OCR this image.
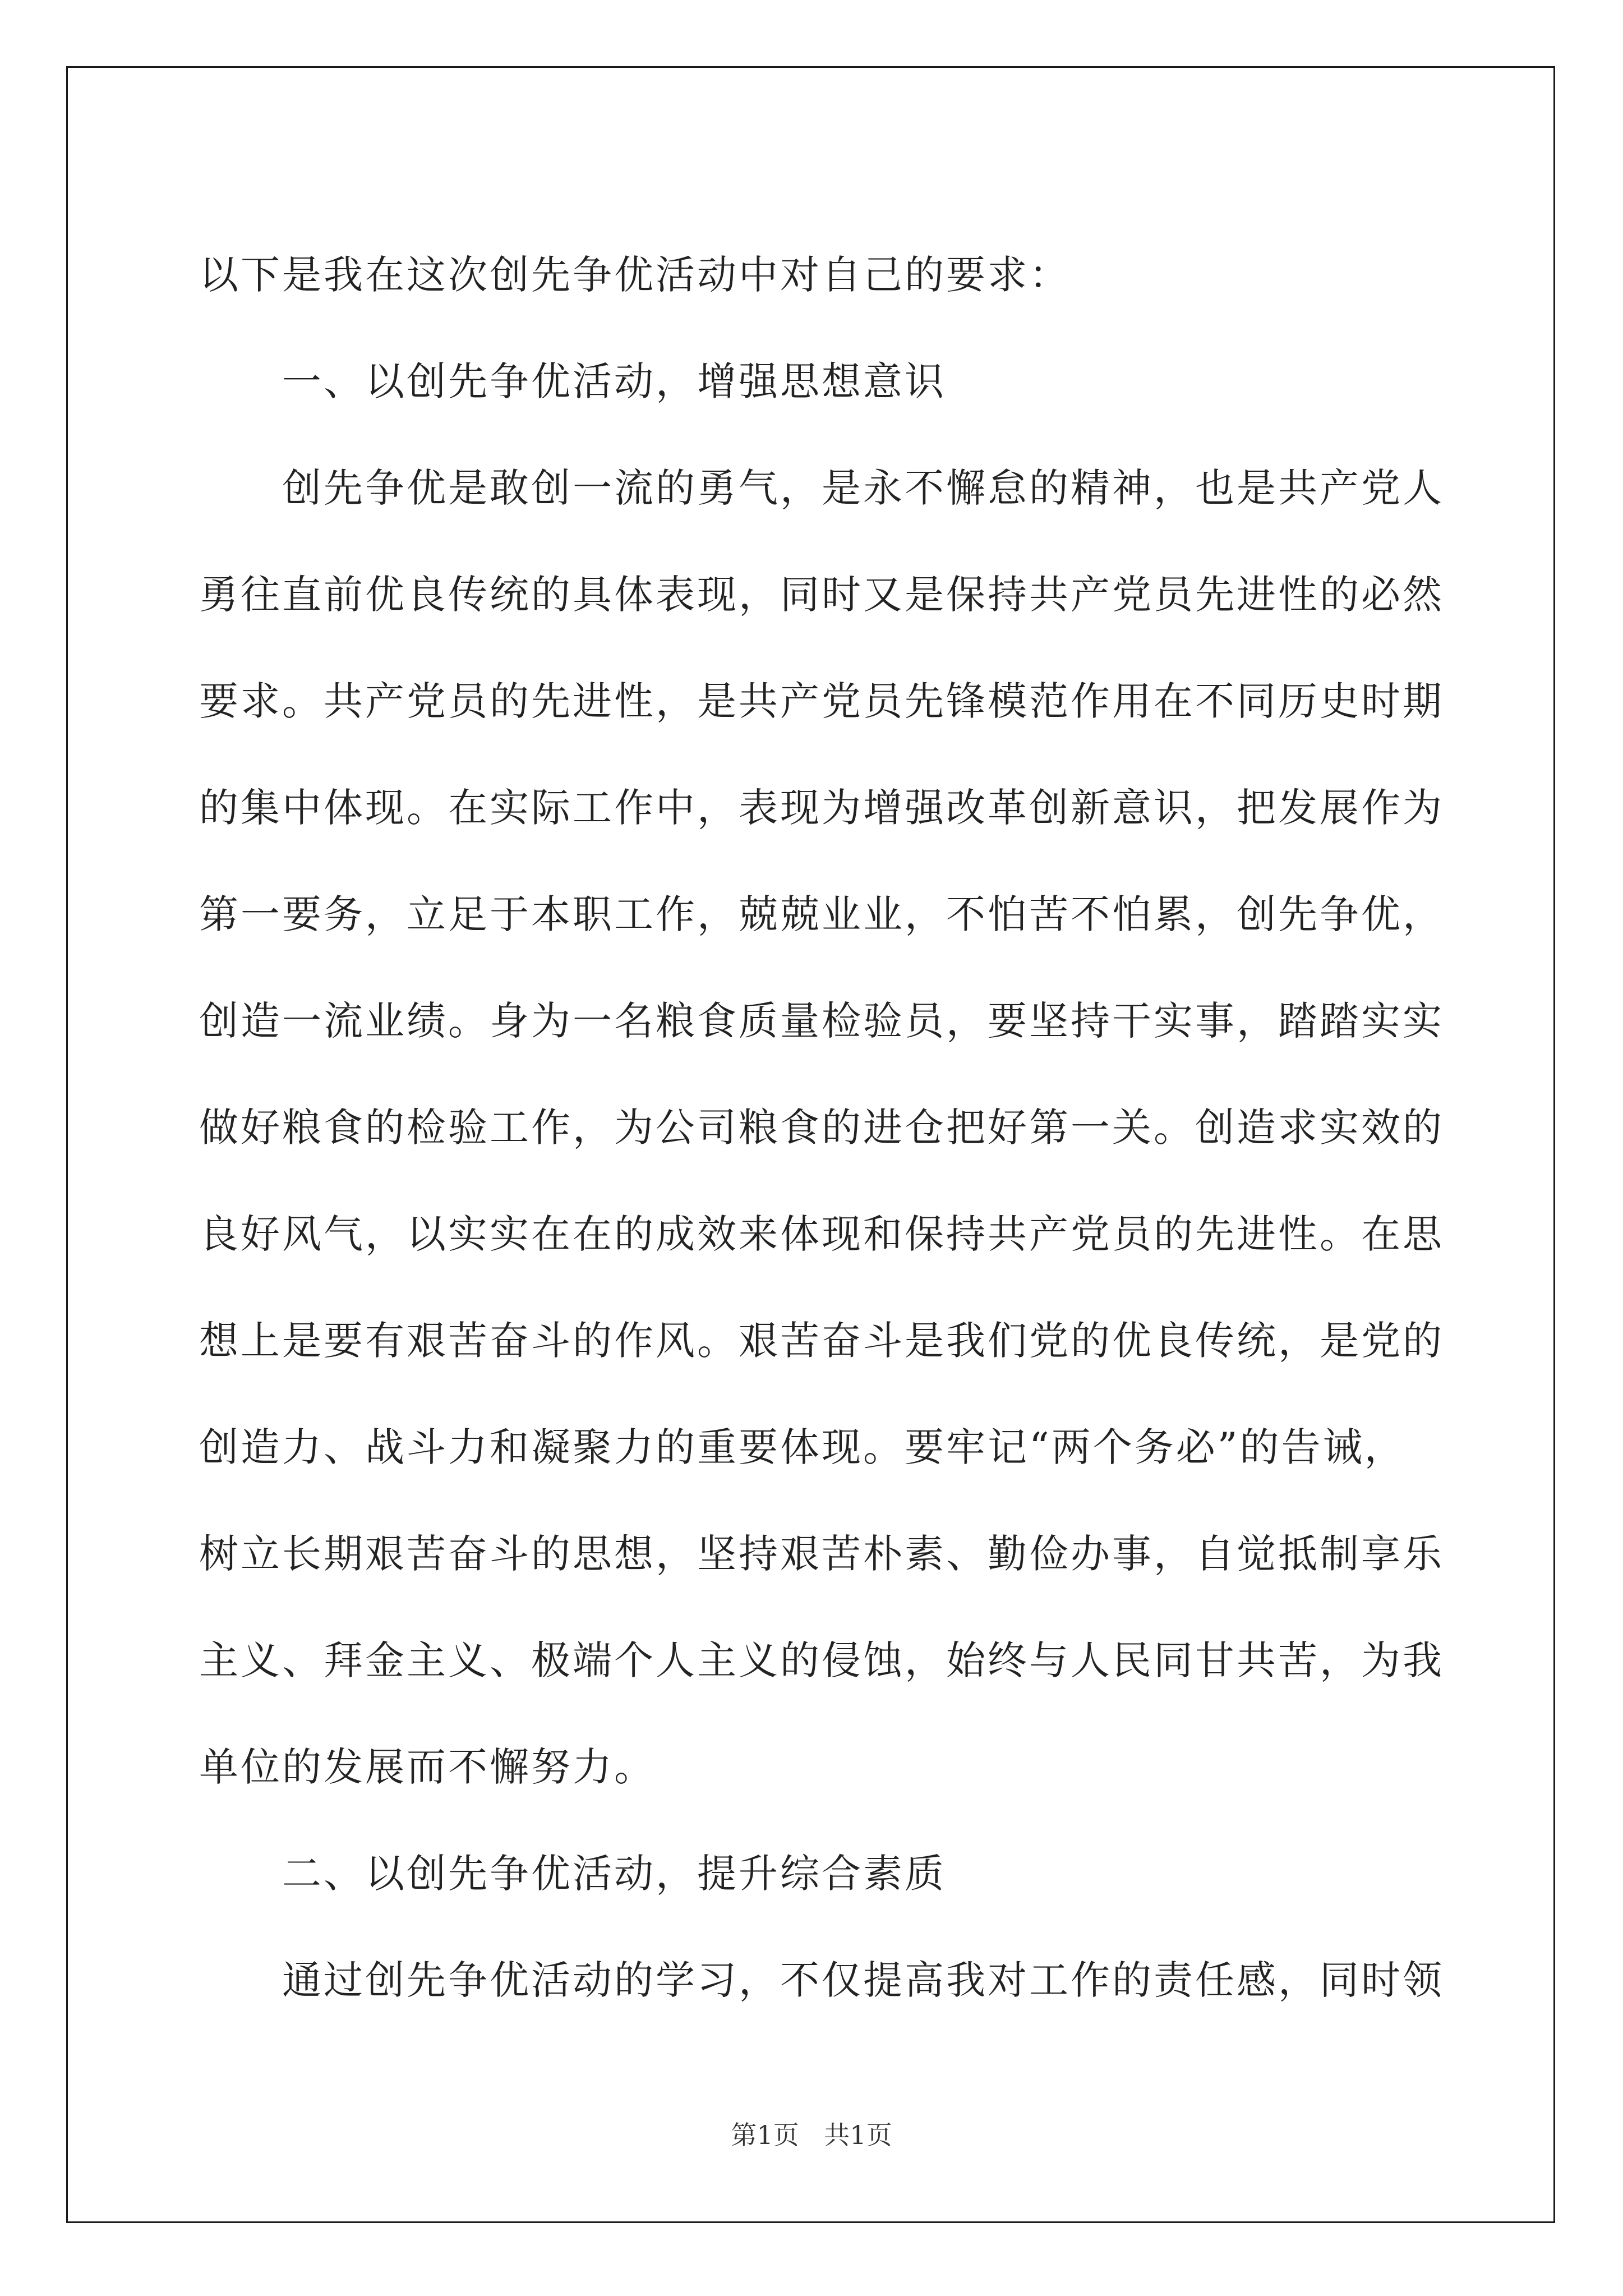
以下是我在这次创先争优活动中对自己的要求：
一、以创先争优活动，增强思想意识
创先争优是敢创一流的勇气，是永不懈怠的精神，也是共产党人
勇往直前优良传统的具体表现，同时又是保持共产党员先进性的必然
要求。共产党员的先进性，是共产党员先锋模范作用在不同历史时期
的集中体现。在实际工作中，表现为增强改革创新意识，把发展作为
第一要务，立足于本职工作，兢兢业业，不怕苦不怕累，创先争优，
创造一流业绩。身为一名粮食质量检验员，要坚持干实事，踏踏实实
做好粮食的检验工作，为公司粮食的进仓把好第一关。创造求实效的
良好风气，以实实在在的成效来体现和保持共产党员的先进性。在思
想上是要有艰苦奋斗的作风。艰苦奋斗是我们党的优良传统，是党的
创造力、战斗力和凝聚力的重要体现。要牢记“两个务必”的告诫，
树立长期艰苦奋斗的思想，坚持艰苦朴素、勤俭办事，自觉抵制享乐
主义、拜金主义、极端个人主义的侵蚀，始终与人民同甘共苦，为我
单位的发展而不懈努力。
二、以创先争优活动，提升综合素质
通过创先争优活动的学习，不仅提高我对工作的责任感，同时领
第1页 共1页
